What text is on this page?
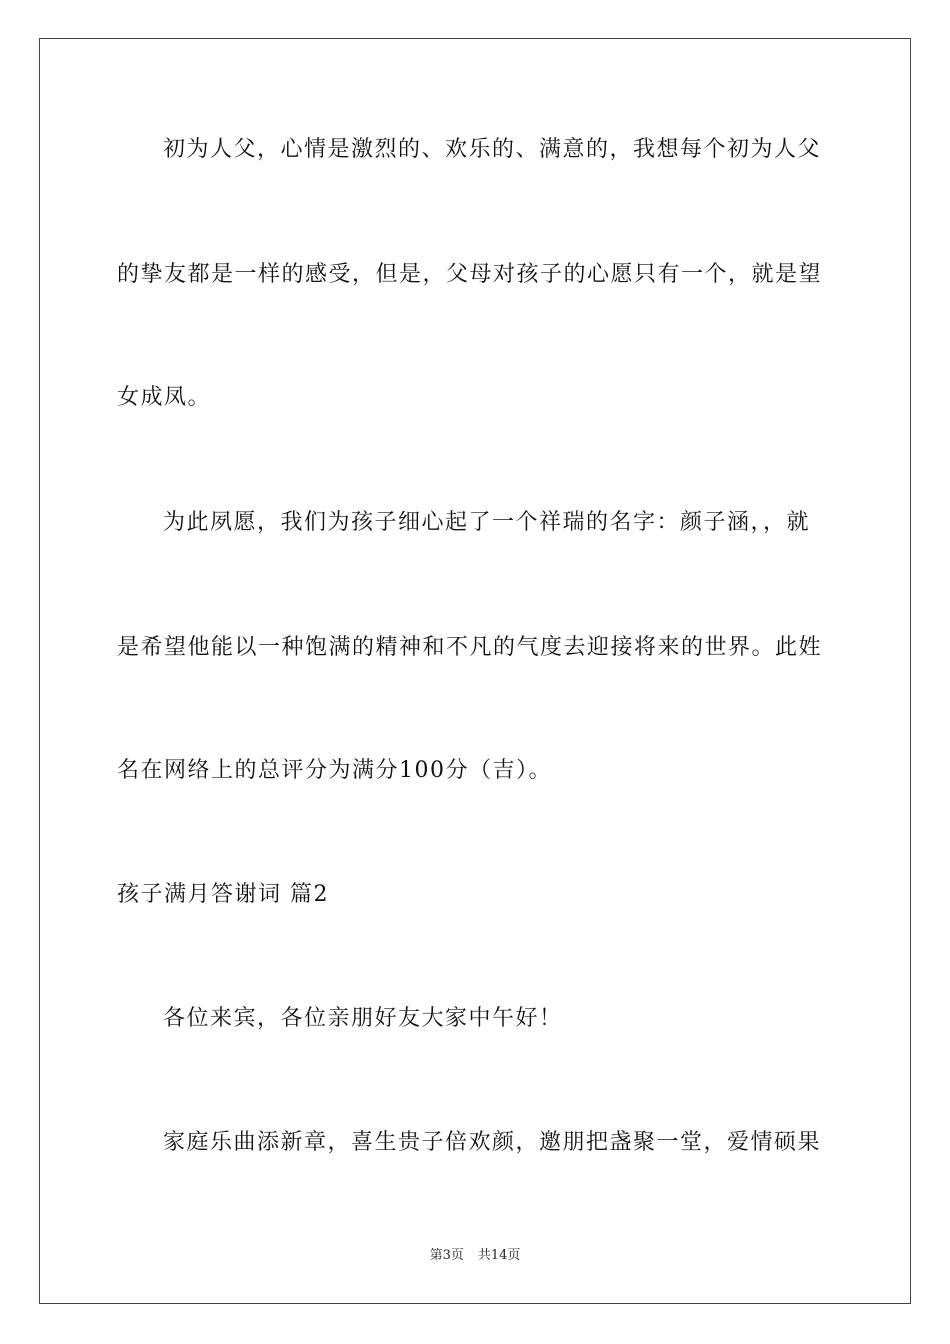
初为人父，心情是激烈的、欢乐的、满意的，我想每个初为人父
的挚友都是一样的感受，但是，父母对孩子的心愿只有一个，就是望
女成凤。
为此夙愿，我们为孩子细心起了一个祥瑞的名字：颜子涵，，就
是希望他能以一种饱满的精神和不凡的气度去迎接将来的世界。此姓
名在网络上的总评分为满分100分（吉）。
孩子满月答谢词 篇2
各位来宾，各位亲朋好友大家中午好！
家庭乐曲添新章，喜生贵子倍欢颜，邀朋把盏聚一堂，爱情硕果
第3页 共14页
